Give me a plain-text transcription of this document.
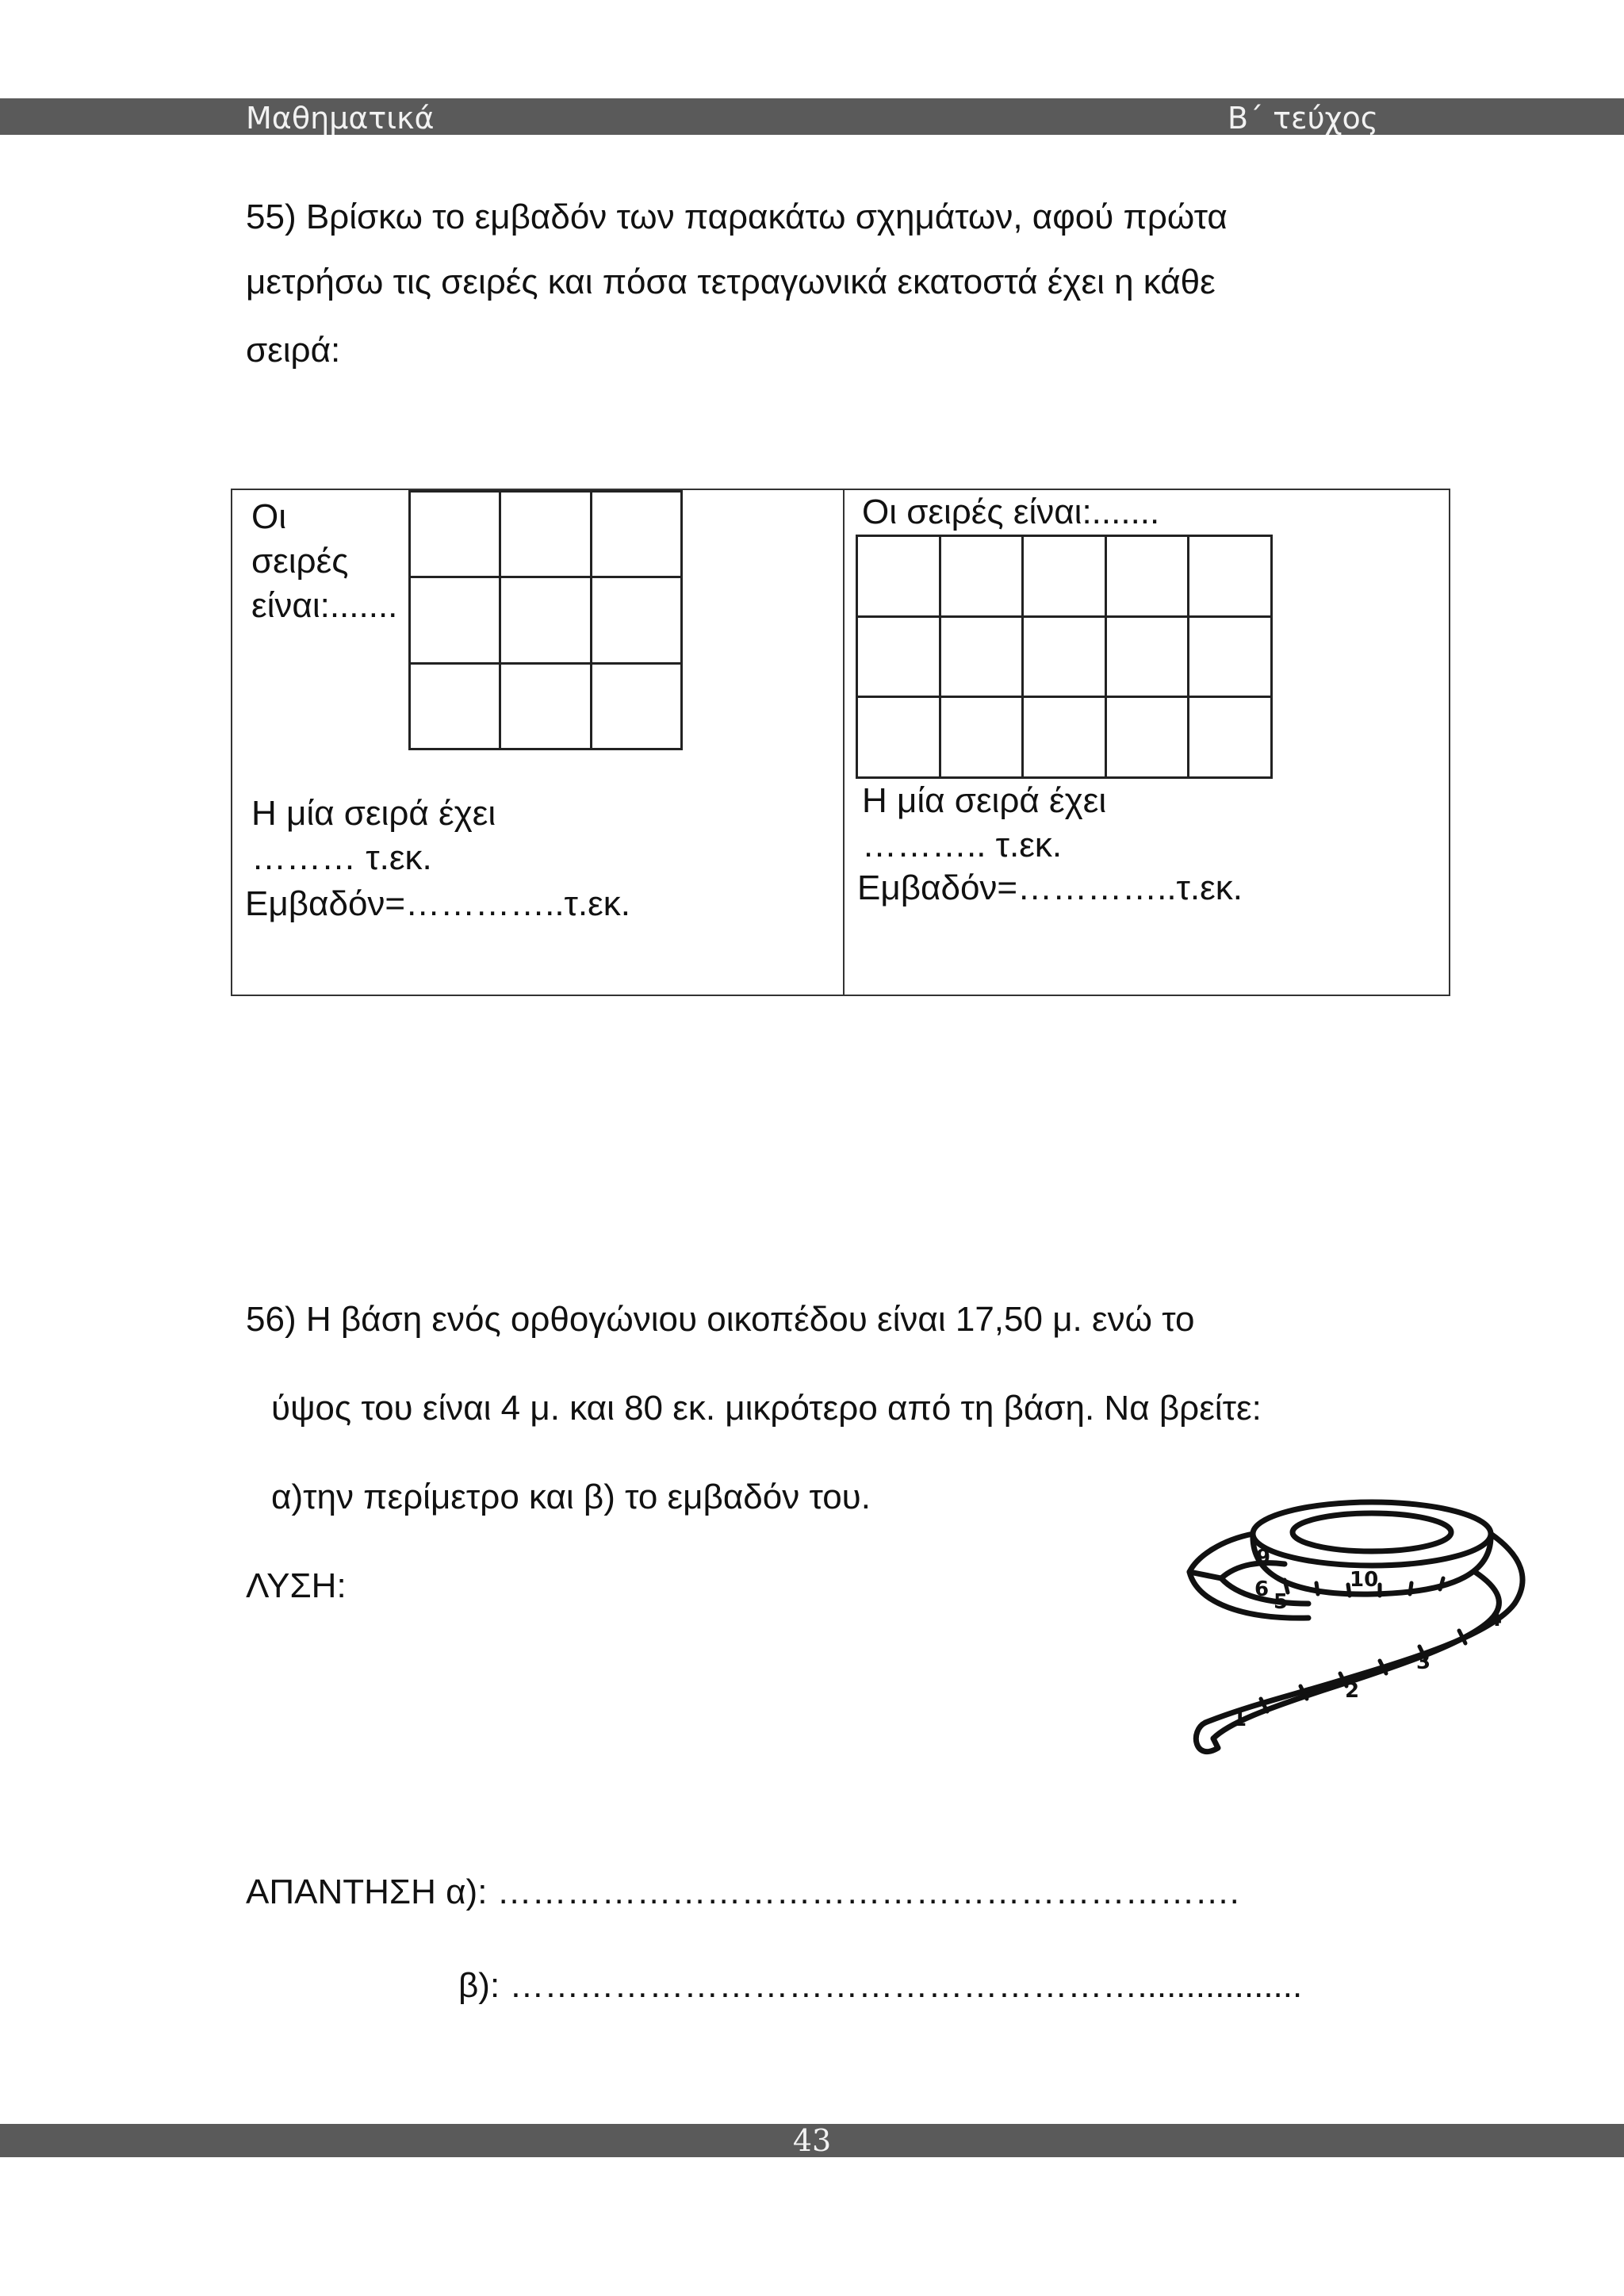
Μαθηματικά	Β΄ τεύχος
55) Βρίσκω το εμβαδόν των παρακάτω σχημάτων, αφού πρώτα
μετρήσω τις σειρές και πόσα τετραγωνικά εκατοστά έχει η κάθε
σειρά:
Οι
σειρές
είναι:.......
Η μία σειρά έχει
……… τ.εκ.
Εμβαδόν=…………..τ.εκ.
Οι σειρές είναι:.......
Η μία σειρά έχει
……….. τ.εκ.
Εμβαδόν=…………..τ.εκ.
56) Η βάση ενός ορθογώνιου οικοπέδου είναι 17,50 μ. ενώ το
ύψος του είναι 4 μ. και 80 εκ. μικρότερο από τη βάση. Να βρείτε:
α)την περίμετρο και β) το εμβαδόν του.
ΛΥΣΗ:
1
2
3
4
5
6
9
10
ΑΠΑΝΤΗΣΗ α): ……………………………………………………….
β): ……………………………………………….................
43
